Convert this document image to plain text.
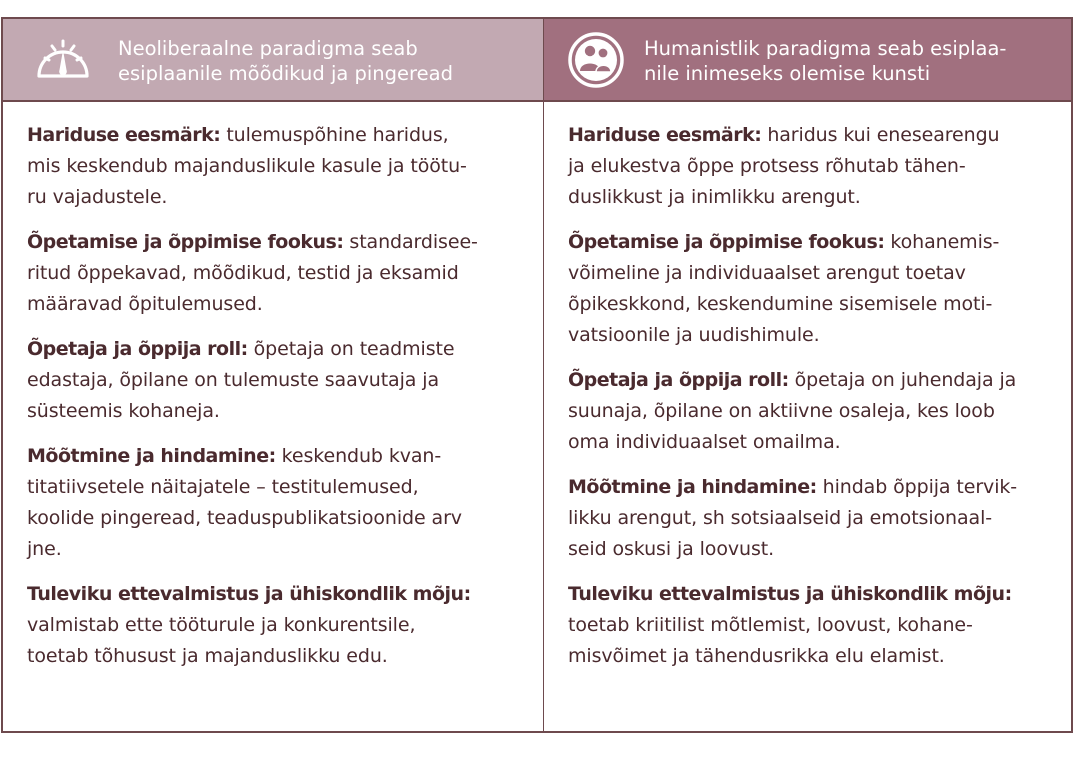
Neoliberaalne paradigma seab
esiplaanile mõõdikud ja pingeread
Hariduse eesmärk: tulemuspõhine haridus,
mis keskendub majanduslikule kasule ja töötu-
ru vajadustele.
Õpetamise ja õppimise fookus: standardisee-
ritud õppekavad, mõõdikud, testid ja eksamid
määravad õpitulemused.
Õpetaja ja õppija roll: õpetaja on teadmiste
edastaja, õpilane on tulemuste saavutaja ja
süsteemis kohaneja.
Mõõtmine ja hindamine: keskendub kvan-
titatiivsetele näitajatele – testitulemused,
koolide pingeread, teaduspublikatsioonide arv
jne.
Tuleviku ettevalmistus ja ühiskondlik mõju:
valmistab ette tööturule ja konkurentsile,
toetab tõhusust ja majanduslikku edu.
Humanistlik paradigma seab esiplaa-
nile inimeseks olemise kunsti
Hariduse eesmärk: haridus kui enesearengu
ja elukestva õppe protsess rõhutab tähen-
duslikkust ja inimlikku arengut.
Õpetamise ja õppimise fookus: kohanemis-
võimeline ja individuaalset arengut toetav
õpikeskkond, keskendumine sisemisele moti-
vatsioonile ja uudishimule.
Õpetaja ja õppija roll: õpetaja on juhendaja ja
suunaja, õpilane on aktiivne osaleja, kes loob
oma individuaalset omailma.
Mõõtmine ja hindamine: hindab õppija tervik-
likku arengut, sh sotsiaalseid ja emotsionaal-
seid oskusi ja loovust.
Tuleviku ettevalmistus ja ühiskondlik mõju:
toetab kriitilist mõtlemist, loovust, kohane-
misvõimet ja tähendusrikka elu elamist.
